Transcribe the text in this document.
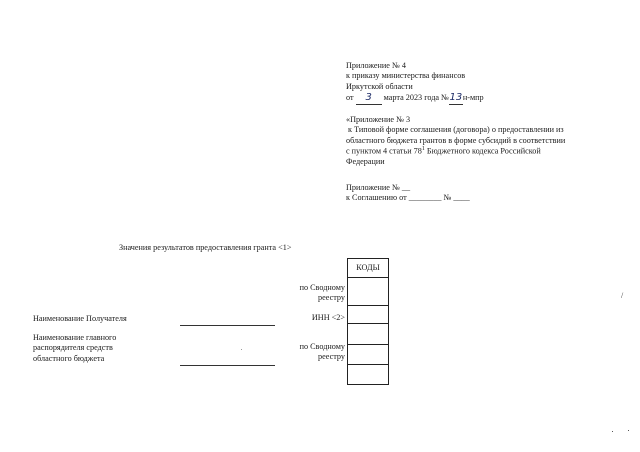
Приложение № 4
к приказу министерства финансов
Иркутской области
от 3 марта 2023 года №13н-мпр
«Приложение № 3
к Типовой форме соглашения (договора) о предоставлении из
областного бюджета грантов в форме субсидий в соответствии
с пунктом 4 статьи $78^1$ Бюджетного кодекса Российской
Федерации
Приложение № __
к Соглашению от ________ № ____
Значения результатов предоставления гранта <1>
КОДЫ
по Сводному
реестру
ИНН <2>
по Сводному
реестру
Наименование Получателя
Наименование главного
распорядителя средств
областного бюджета
/
